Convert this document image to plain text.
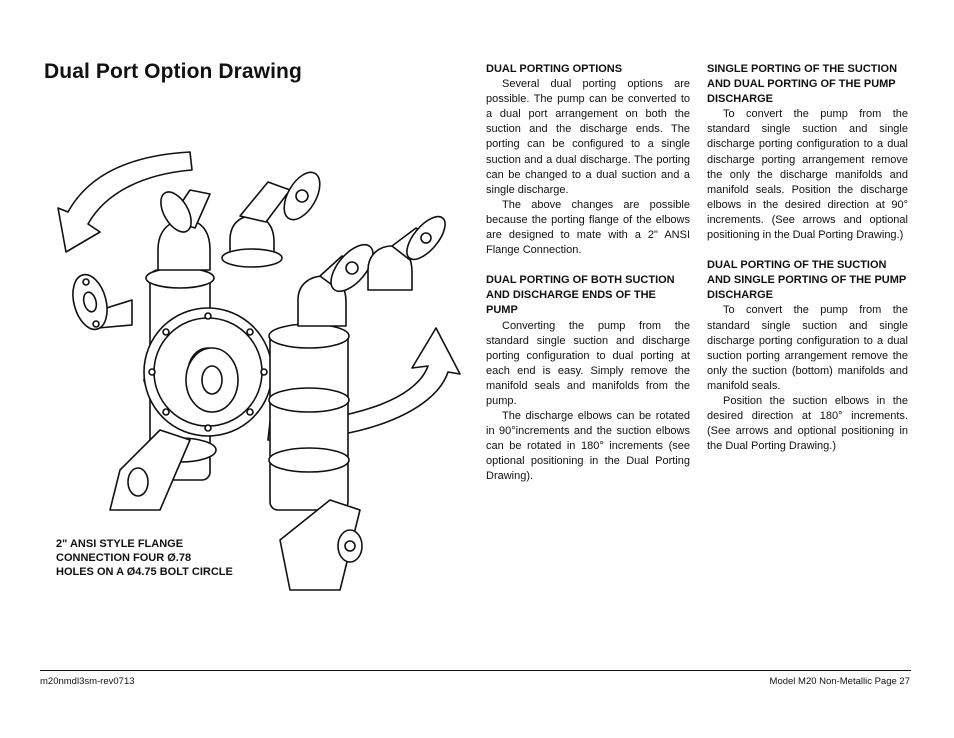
Dual Port Option Drawing
2" ANSI STYLE FLANGE
CONNECTION FOUR Ø.78
HOLES ON A Ø4.75 BOLT CIRCLE
DUAL PORTING OPTIONS

Several dual porting options are possible. The pump can be converted to a dual port arrangement on both the suction and the discharge ends. The porting can be configured to a single suction and a dual discharge. The porting can be changed to a dual suction and a single discharge.

The above changes are possible because the porting flange of the elbows are designed to mate with a 2" ANSI Flange Connection.

DUAL PORTING OF BOTH SUCTION AND DISCHARGE ENDS OF THE PUMP

Converting the pump from the standard single suction and discharge porting configuration to dual porting at each end is easy. Simply remove the manifold seals and manifolds from the pump.

The discharge elbows can be rotated in 90°increments and the suction elbows can be rotated in 180° increments (see optional positioning in the Dual Porting Drawing).

SINGLE PORTING OF THE SUCTION AND DUAL PORTING OF THE PUMP DISCHARGE

To convert the pump from the standard single suction and single discharge porting configuration to a dual discharge porting arrangement remove the only the discharge manifolds and manifold seals. Position the discharge elbows in the desired direction at 90° increments. (See arrows and optional positioning in the Dual Porting Drawing.)

DUAL PORTING OF THE SUCTION AND SINGLE PORTING OF THE PUMP DISCHARGE

To convert the pump from the standard single suction and single discharge porting configuration to a dual suction porting arrangement remove the only the suction (bottom) manifolds and manifold seals.

Position the suction elbows in the desired direction at 180° increments. (See arrows and optional positioning in the Dual Porting Drawing.)

m20nmdl3sm-rev0713	Model M20 Non-Metallic Page 27
